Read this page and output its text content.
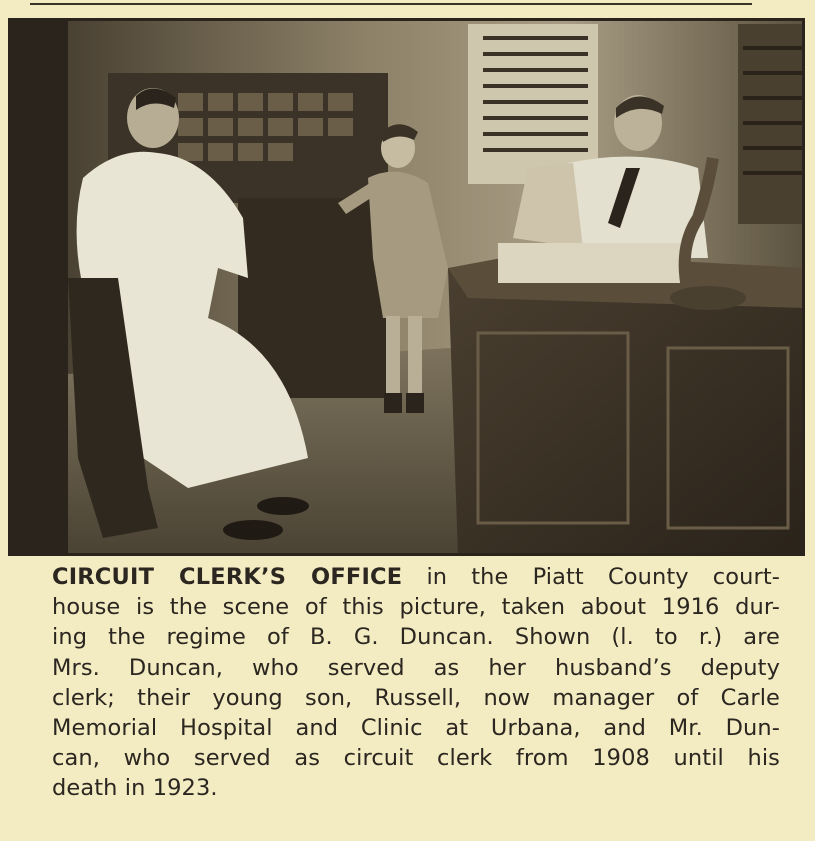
CIRCUIT CLERK’S OFFICE in the Piatt County court-
house is the scene of this picture, taken about 1916 dur-
ing the regime of B. G. Duncan. Shown (l. to r.) are
Mrs. Duncan, who served as her husband’s deputy
clerk; their young son, Russell, now manager of Carle
Memorial Hospital and Clinic at Urbana, and Mr. Dun-
can, who served as circuit clerk from 1908 until his
death in 1923.
